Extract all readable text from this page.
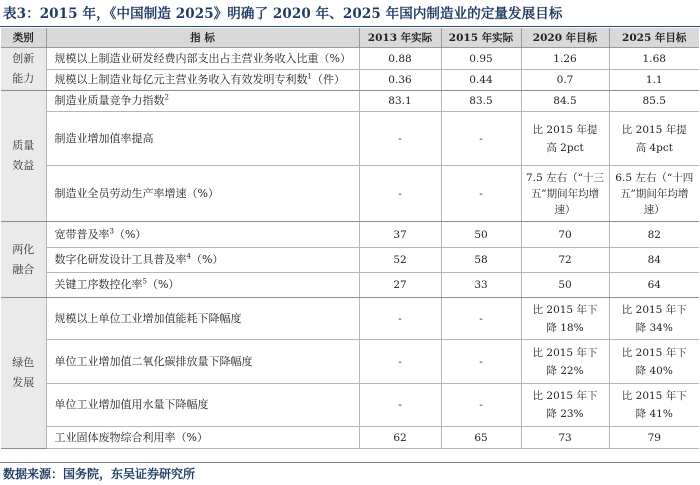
表3：2015 年，《中国制造 2025》明确了 2020 年、2025 年国内制造业的定量发展目标
类别	指 标	2013 年实际	2015 年实际	2020 年目标	2025 年目标
创新能力	规模以上制造业研发经费内部支出占主营业务收入比重（%）	0.88	0.95	1.26	1.68
	规模以上制造业每亿元主营业务收入有效发明专利数$^1$（件）	0.36	0.44	0.7	1.1
质量效益	制造业质量竞争力指数$^2$	83.1	83.5	84.5	85.5
	制造业增加值率提高	-	-	比 2015 年提高 2pct	比 2015 年提高 4pct
	制造业全员劳动生产率增速（%）	-	-	7.5 左右（“十三五”期间年均增速）	6.5 左右（“十四五”期间年均增速）
两化融合	宽带普及率$^3$（%）	37	50	70	82
	数字化研发设计工具普及率$^4$（%）	52	58	72	84
	关键工序数控化率$^5$（%）	27	33	50	64
绿色发展	规模以上单位工业增加值能耗下降幅度	-	-	比 2015 年下降 18%	比 2015 年下降 34%
	单位工业增加值二氧化碳排放量下降幅度	-	-	比 2015 年下降 22%	比 2015 年下降 40%
	单位工业增加值用水量下降幅度	-	-	比 2015 年下降 23%	比 2015 年下降 41%
	工业固体废物综合利用率（%）	62	65	73	79
数据来源：国务院，东吴证券研究所
